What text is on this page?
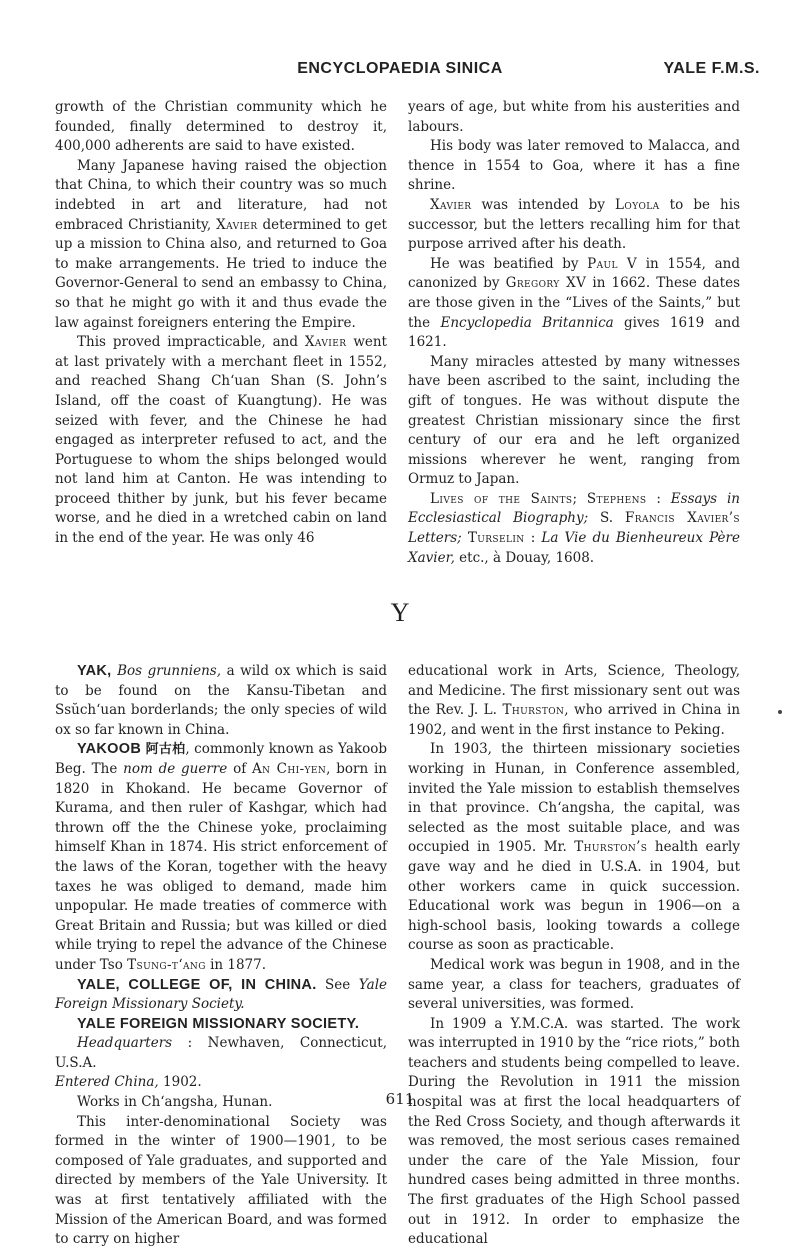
ENCYCLOPAEDIA SINICA	YALE F.M.S.

growth of the Christian community which he founded, finally determined to destroy it, 400,000 adherents are said to have existed.

Many Japanese having raised the objection that China, to which their country was so much indebted in art and literature, had not embraced Christianity, Xavier determined to get up a mission to China also, and returned to Goa to make arrangements. He tried to induce the Governor-General to send an embassy to China, so that he might go with it and thus evade the law against foreigners entering the Empire.

This proved impracticable, and Xavier went at last privately with a merchant fleet in 1552, and reached Shang Chʻuan Shan (S. John’s Island, off the coast of Kuangtung). He was seized with fever, and the Chinese he had engaged as interpreter refused to act, and the Portuguese to whom the ships belonged would not land him at Canton. He was intending to proceed thither by junk, but his fever became worse, and he died in a wretched cabin on land in the end of the year. He was only 46

years of age, but white from his austerities and labours.

His body was later removed to Malacca, and thence in 1554 to Goa, where it has a fine shrine.

Xavier was intended by Loyola to be his successor, but the letters recalling him for that purpose arrived after his death.

He was beatified by Paul V in 1554, and canonized by Gregory XV in 1662. These dates are those given in the “Lives of the Saints,” but the Encyclopedia Britannica gives 1619 and 1621.

Many miracles attested by many witnesses have been ascribed to the saint, including the gift of tongues. He was without dispute the greatest Christian missionary since the first century of our era and he left organized missions wherever he went, ranging from Ormuz to Japan.

Lives of the Saints; Stephens : Essays in Ecclesiastical Biography; S. Francis Xavier’s Letters; Turselin : La Vie du Bienheureux Père Xavier, etc., à Douay, 1608.

Y

YAK, Bos grunniens, a wild ox which is said to be found on the Kansu-Tibetan and Ssŭchʻuan borderlands; the only species of wild ox so far known in China.

YAKOOB 阿古柏, commonly known as Yakoob Beg. The nom de guerre of An Chi-yen, born in 1820 in Khokand. He became Governor of Kurama, and then ruler of Kashgar, which had thrown off the the Chinese yoke, proclaiming himself Khan in 1874. His strict enforcement of the laws of the Koran, together with the heavy taxes he was obliged to demand, made him unpopular. He made treaties of commerce with Great Britain and Russia; but was killed or died while trying to repel the advance of the Chinese under Tso Tsung-tʻang in 1877.

YALE, COLLEGE OF, IN CHINA. See Yale Foreign Missionary Society.

YALE FOREIGN MISSIONARY SOCIETY.

Headquarters : Newhaven, Connecticut, U.S.A.

Entered China, 1902.

Works in Chʻangsha, Hunan.

This inter-denominational Society was formed in the winter of 1900—1901, to be composed of Yale graduates, and supported and directed by members of the Yale University. It was at first tentatively affiliated with the Mission of the American Board, and was formed to carry on higher

educational work in Arts, Science, Theology, and Medicine. The first missionary sent out was the Rev. J. L. Thurston, who arrived in China in 1902, and went in the first instance to Peking.

In 1903, the thirteen missionary societies working in Hunan, in Conference assembled, invited the Yale mission to establish themselves in that province. Chʻangsha, the capital, was selected as the most suitable place, and was occupied in 1905. Mr. Thurston’s health early gave way and he died in U.S.A. in 1904, but other workers came in quick succession. Educational work was begun in 1906—on a high-school basis, looking towards a college course as soon as practicable.

Medical work was begun in 1908, and in the same year, a class for teachers, graduates of several universities, was formed.

In 1909 a Y.M.C.A. was started. The work was interrupted in 1910 by the “rice riots,” both teachers and students being compelled to leave. During the Revolution in 1911 the mission hospital was at first the local headquarters of the Red Cross Society, and though afterwards it was removed, the most serious cases remained under the care of the Yale Mission, four hundred cases being admitted in three months. The first graduates of the High School passed out in 1912. In order to emphasize the educational

611
